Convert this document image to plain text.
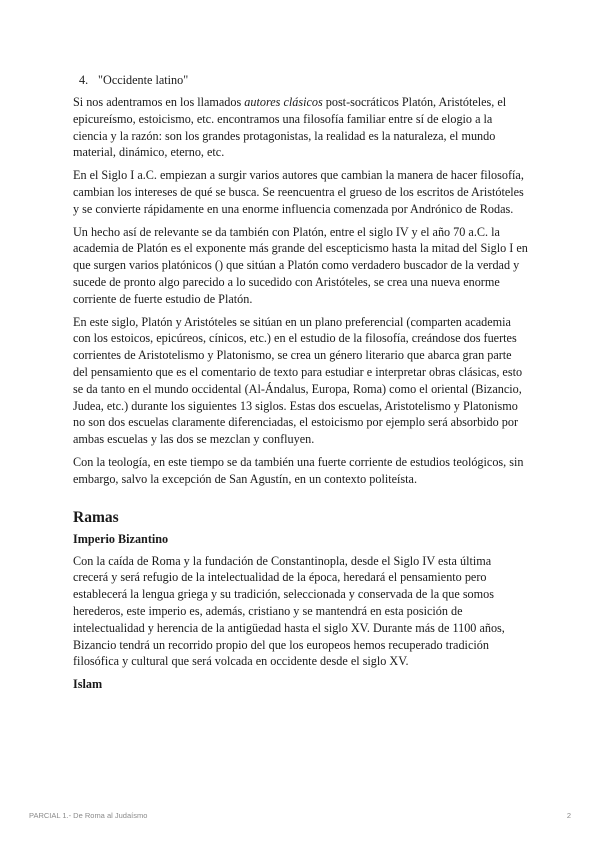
4. "Occidente latino"

Si nos adentramos en los llamados autores clásicos post-socráticos Platón, Aristóteles, el epicureísmo, estoicismo, etc. encontramos una filosofía familiar entre sí de elogio a la ciencia y la razón: son los grandes protagonistas, la realidad es la naturaleza, el mundo material, dinámico, eterno, etc.

En el Siglo I a.C. empiezan a surgir varios autores que cambian la manera de hacer filosofía, cambian los intereses de qué se busca. Se reencuentra el grueso de los escritos de Aristóteles y se convierte rápidamente en una enorme influencia comenzada por Andrónico de Rodas.

Un hecho así de relevante se da también con Platón, entre el siglo IV y el año 70 a.C. la academia de Platón es el exponente más grande del escepticismo hasta la mitad del Siglo I en que surgen varios platónicos () que sitúan a Platón como verdadero buscador de la verdad y sucede de pronto algo parecido a lo sucedido con Aristóteles, se crea una nueva enorme corriente de fuerte estudio de Platón.

En este siglo, Platón y Aristóteles se sitúan en un plano preferencial (comparten academia con los estoicos, epicúreos, cínicos, etc.) en el estudio de la filosofía, creándose dos fuertes corrientes de Aristotelismo y Platonismo, se crea un género literario que abarca gran parte del pensamiento que es el comentario de texto para estudiar e interpretar obras clásicas, esto se da tanto en el mundo occidental (Al-Ándalus, Europa, Roma) como el oriental (Bizancio, Judea, etc.) durante los siguientes 13 siglos. Estas dos escuelas, Aristotelismo y Platonismo no son dos escuelas claramente diferenciadas, el estoicismo por ejemplo será absorbido por ambas escuelas y las dos se mezclan y confluyen.

Con la teología, en este tiempo se da también una fuerte corriente de estudios teológicos, sin embargo, salvo la excepción de San Agustín, en un contexto politeísta.

Ramas
Imperio Bizantino

Con la caída de Roma y la fundación de Constantinopla, desde el Siglo IV esta última crecerá y será refugio de la intelectualidad de la época, heredará el pensamiento pero establecerá la lengua griega y su tradición, seleccionada y conservada de la que somos herederos, este imperio es, además, cristiano y se mantendrá en esta posición de intelectualidad y herencia de la antigüedad hasta el siglo XV. Durante más de 1100 años, Bizancio tendrá un recorrido propio del que los europeos hemos recuperado tradición filosófica y cultural que será volcada en occidente desde el siglo XV.

Islam
PARCIAL 1.- De Roma al Judaísmo	2
